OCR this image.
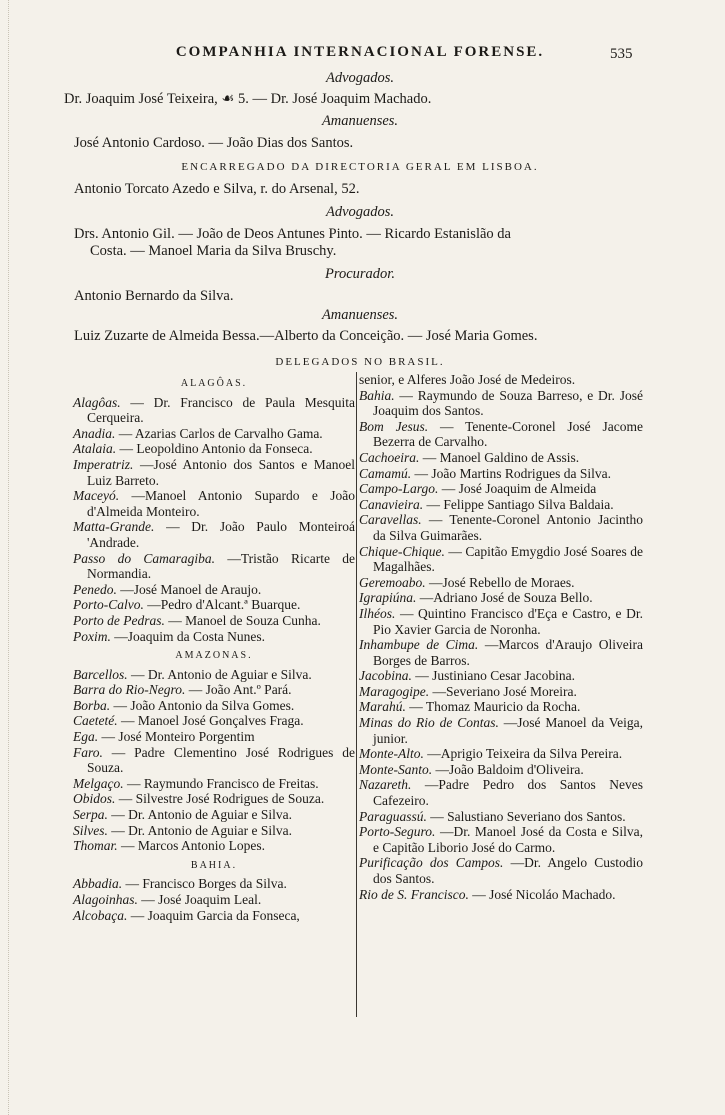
COMPANHIA INTERNACIONAL FORENSE.	535
Advogados.
Dr. Joaquim José Teixeira, ☙ 5. — Dr. José Joaquim Machado.
Amanuenses.
José Antonio Cardoso. — João Dias dos Santos.
ENCARREGADO DA DIRECTORIA GERAL EM LISBOA.
Antonio Torcato Azedo e Silva, r. do Arsenal, 52.
Advogados.
Drs. Antonio Gil. — João de Deos Antunes Pinto. — Ricardo Estanislão da
Costa. — Manoel Maria da Silva Bruschy.
Procurador.
Antonio Bernardo da Silva.
Amanuenses.
Luiz Zuzarte de Almeida Bessa.—Alberto da Conceição. — José Maria Gomes.
DELEGADOS NO BRASIL.
ALAGÔAS.
Alagôas. — Dr. Francisco de Paula Mesquita Cerqueira.
Anadia. — Azarias Carlos de Carvalho Gama.
Atalaia. — Leopoldino Antonio da Fonseca.
Imperatriz. —José Antonio dos Santos e Manoel Luiz Barreto.
Maceyó. —Manoel Antonio Supardo e João d'Almeida Monteiro.
Matta-Grande. — Dr. João Paulo Monteiroá 'Andrade.
Passo do Camaragiba. —Tristão Ricarte de Normandia.
Penedo. —José Manoel de Araujo.
Porto-Calvo. —Pedro d'Alcant.ª Buarque.
Porto de Pedras. — Manoel de Souza Cunha.
Poxim. —Joaquim da Costa Nunes.
AMAZONAS.
Barcellos. — Dr. Antonio de Aguiar e Silva.
Barra do Rio-Negro. — João Ant.º Pará.
Borba. — João Antonio da Silva Gomes.
Caeteté. — Manoel José Gonçalves Fraga.
Ega. — José Monteiro Porgentim
Faro. — Padre Clementino José Rodrigues de Souza.
Melgaço. — Raymundo Francisco de Freitas.
Obidos. — Silvestre José Rodrigues de Souza.
Serpa. — Dr. Antonio de Aguiar e Silva.
Silves. — Dr. Antonio de Aguiar e Silva.
Thomar. — Marcos Antonio Lopes.
BAHIA.
Abbadia. — Francisco Borges da Silva.
Alagoinhas. — José Joaquim Leal.
Alcobaça. — Joaquim Garcia da Fonseca,
senior, e Alferes João José de Medeiros.
Bahia. — Raymundo de Souza Barreso, e Dr. José Joaquim dos Santos.
Bom Jesus. — Tenente-Coronel José Jacome Bezerra de Carvalho.
Cachoeira. — Manoel Galdino de Assis.
Camamú. — João Martins Rodrigues da Silva.
Campo-Largo. — José Joaquim de Almeida
Canavieira. — Felippe Santiago Silva Baldaia.
Caravellas. — Tenente-Coronel Antonio Jacintho da Silva Guimarães.
Chique-Chique. — Capitão Emygdio José Soares de Magalhães.
Geremoabo. —José Rebello de Moraes.
Igrapiúna. —Adriano José de Souza Bello.
Ilhéos. — Quintino Francisco d'Eça e Castro, e Dr. Pio Xavier Garcia de Noronha.
Inhambupe de Cima. —Marcos d'Araujo Oliveira Borges de Barros.
Jacobina. — Justiniano Cesar Jacobina.
Maragogipe. —Severiano José Moreira.
Marahú. — Thomaz Mauricio da Rocha.
Minas do Rio de Contas. —José Manoel da Veiga, junior.
Monte-Alto. —Aprigio Teixeira da Silva Pereira.
Monte-Santo. —João Baldoim d'Oliveira.
Nazareth. —Padre Pedro dos Santos Neves Cafezeiro.
Paraguassú. — Salustiano Severiano dos Santos.
Porto-Seguro. —Dr. Manoel José da Costa e Silva, e Capitão Liborio José do Carmo.
Purificação dos Campos. —Dr. Angelo Custodio dos Santos.
Rio de S. Francisco. — José Nicoláo Machado.
